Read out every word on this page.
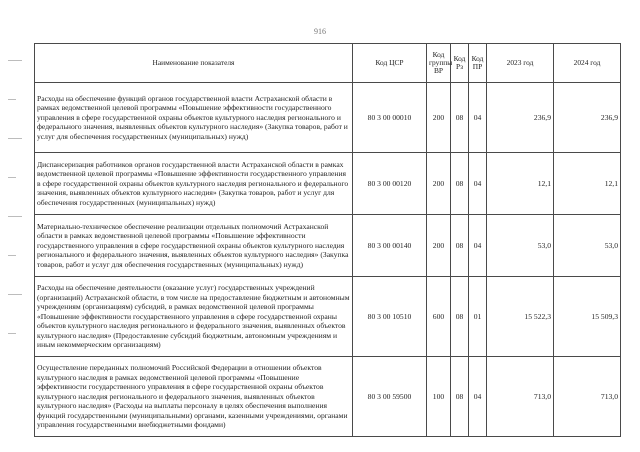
916
Наименование показателя	Код ЦСР	Код группы ВР	Код Рз	Код ПР	2023 год	2024 год
Расходы на обеспечение функций органов государственной власти Астраханской области в рамках ведомственной целевой программы «Повышение эффективности государственного управления в сфере государственной охраны объектов культурного наследия регионального и федерального значения, выявленных объектов культурного наследия» (Закупка товаров, работ и услуг для обеспечения государственных (муниципальных) нужд)	80 3 00 00010	200	08	04	236,9	236,9
Диспансеризация работников органов государственной власти Астраханской области в рамках ведомственной целевой программы «Повышение эффективности государственного управления в сфере государственной охраны объектов культурного наследия регионального и федерального значения, выявленных объектов культурного наследия» (Закупка товаров, работ и услуг для обеспечения государственных (муниципальных) нужд)	80 3 00 00120	200	08	04	12,1	12,1
Материально-техническое обеспечение реализации отдельных полномочий Астраханской области в рамках ведомственной целевой программы «Повышение эффективности государственного управления в сфере государственной охраны объектов культурного наследия регионального и федерального значения, выявленных объектов культурного наследия» (Закупка товаров, работ и услуг для обеспечения государственных (муниципальных) нужд)	80 3 00 00140	200	08	04	53,0	53,0
Расходы на обеспечение деятельности (оказание услуг) государственных учреждений (организаций) Астраханской области, в том числе на предоставление бюджетным и автономным учреждениям (организациям) субсидий, в рамках ведомственной целевой программы «Повышение эффективности государственного управления в сфере государственной охраны объектов культурного наследия регионального и федерального значения, выявленных объектов культурного наследия» (Предоставление субсидий бюджетным, автономным учреждениям и иным некоммерческим организациям)	80 3 00 10510	600	08	01	15 522,3	15 509,3
Осуществление переданных полномочий Российской Федерации в отношении объектов культурного наследия в рамках ведомственной целевой программы «Повышение эффективности государственного управления в сфере государственной охраны объектов культурного наследия регионального и федерального значения, выявленных объектов культурного наследия» (Расходы на выплаты персоналу в целях обеспечения выполнения функций государственными (муниципальными) органами, казенными учреждениями, органами управления государственными внебюджетными фондами)	80 3 00 59500	100	08	04	713,0	713,0
